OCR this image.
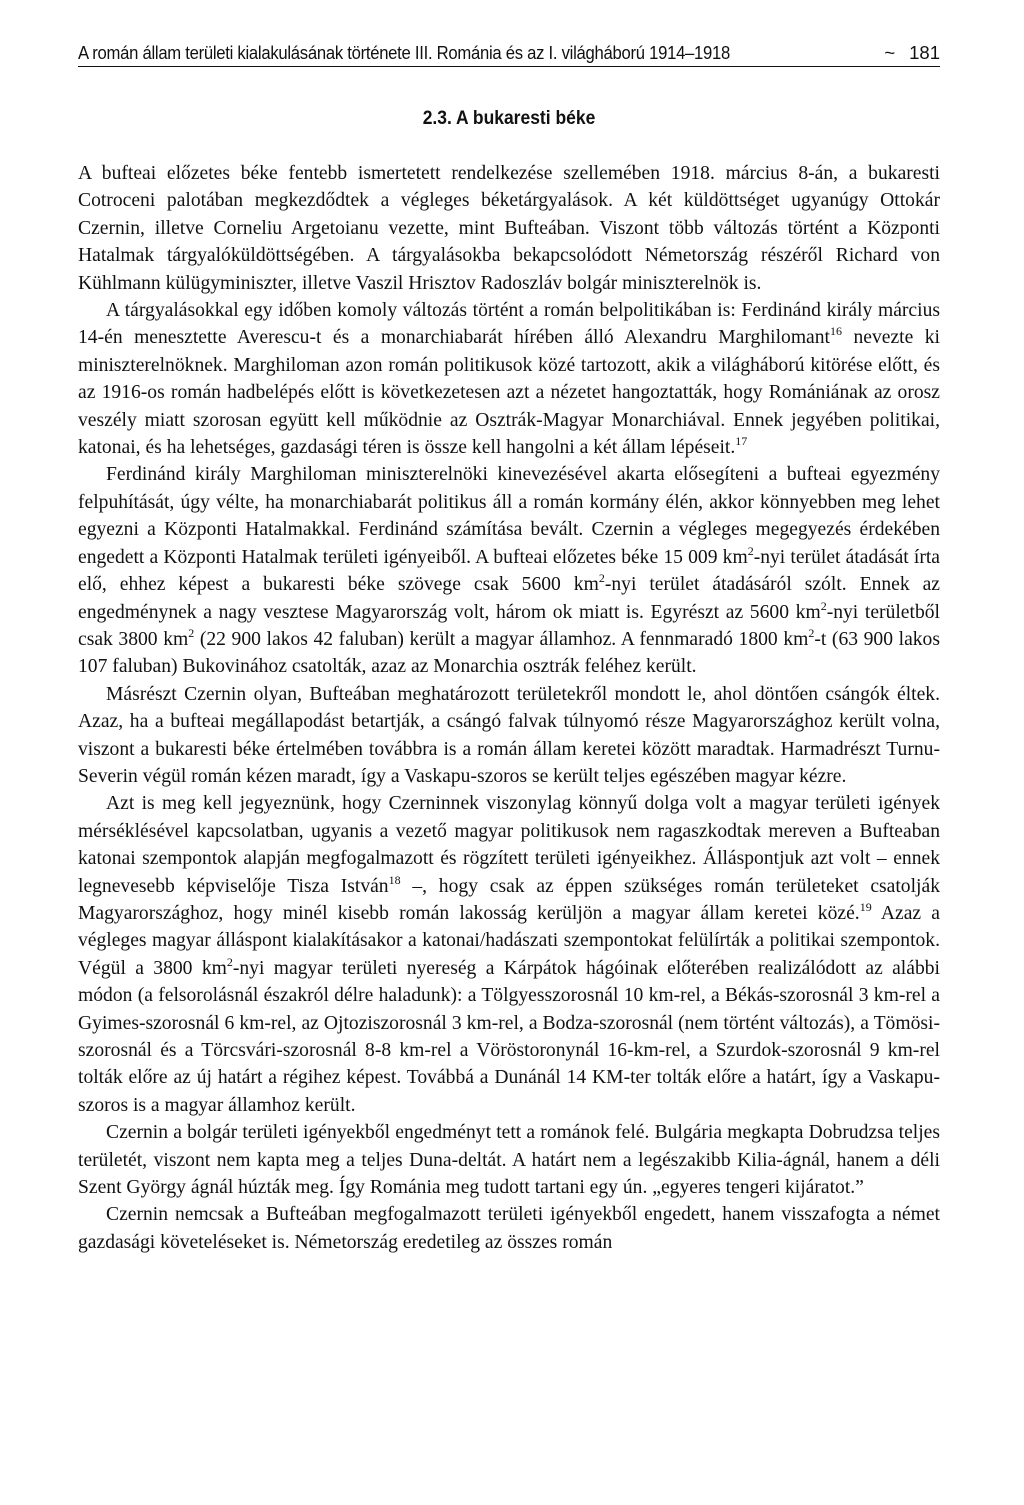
A román állam területi kialakulásának története III. Románia és az I. világháború 1914–1918	~ 181
2.3. A bukaresti béke

A bufteai előzetes béke fentebb ismertetett rendelkezése szellemében 1918. március 8-án, a bukaresti Cotroceni palotában megkezdődtek a végleges béketárgyalások. A két küldöttséget ugyanúgy Ottokár Czernin, illetve Corneliu Argetoianu vezette, mint Bufteában. Viszont több változás történt a Központi Hatalmak tárgyalóküldöttségében. A tárgyalásokba bekapcsolódott Németország részéről Richard von Kühlmann külügyminiszter, illetve Vaszil Hrisztov Radoszláv bolgár miniszterelnök is.

A tárgyalásokkal egy időben komoly változás történt a román belpolitikában is: Ferdinánd király március 14-én menesztette Averescu-t és a monarchiabarát hírében álló Alexandru Marghilomant$^{16}$ nevezte ki miniszterelnöknek. Marghiloman azon román politikusok közé tartozott, akik a világháború kitörése előtt, és az 1916-os román hadbelépés előtt is következetesen azt a nézetet hangoztatták, hogy Romániának az orosz veszély miatt szorosan együtt kell működnie az Osztrák-Magyar Monarchiával. Ennek jegyében politikai, katonai, és ha lehetséges, gazdasági téren is össze kell hangolni a két állam lépéseit.$^{17}$

Ferdinánd király Marghiloman miniszterelnöki kinevezésével akarta elősegíteni a bufteai egyezmény felpuhítását, úgy vélte, ha monarchiabarát politikus áll a román kormány élén, akkor könnyebben meg lehet egyezni a Központi Hatalmakkal. Ferdinánd számítása bevált. Czernin a végleges megegyezés érdekében engedett a Központi Hatalmak területi igényeiből. A bufteai előzetes béke 15 009 $km^2$-nyi terület átadását írta elő, ehhez képest a bukaresti béke szövege csak 5600 $km^2$-nyi terület átadásáról szólt. Ennek az engedménynek a nagy vesztese Magyarország volt, három ok miatt is. Egyrészt az 5600 $km^2$-nyi területből csak 3800 $km^2$ (22 900 lakos 42 faluban) került a magyar államhoz. A fennmaradó 1800 $km^2-t$ (63 900 lakos 107 faluban) Bukovinához csatolták, azaz az Monarchia osztrák feléhez került.

Másrészt Czernin olyan, Bufteában meghatározott területekről mondott le, ahol döntően csángók éltek. Azaz, ha a bufteai megállapodást betartják, a csángó falvak túlnyomó része Magyarországhoz került volna, viszont a bukaresti béke értelmében továbbra is a román állam keretei között maradtak. Harmadrészt Turnu-Severin végül román kézen maradt, így a Vaskapu-szoros se került teljes egészében magyar kézre.

Azt is meg kell jegyeznünk, hogy Czerninnek viszonylag könnyű dolga volt a magyar területi igények mérséklésével kapcsolatban, ugyanis a vezető magyar politikusok nem ragaszkodtak mereven a Bufteaban katonai szempontok alapján megfogalmazott és rögzített területi igényeikhez. Álláspontjuk azt volt – ennek legnevesebb képviselője Tisza István$^{18}$ –, hogy csak az éppen szükséges román területeket csatolják Magyarországhoz, hogy minél kisebb román lakosság kerüljön a magyar állam keretei közé.$^{19}$ Azaz a végleges magyar álláspont kialakításakor a katonai/hadászati szempontokat felülírták a politikai szempontok. Végül a 3800 $km^2$-nyi magyar területi nyereség a Kárpátok hágóinak előterében realizálódott az alábbi módon (a felsorolásnál északról délre haladunk): a Tölgyesszorosnál 10 km-rel, a Békás-szorosnál 3 km-rel a Gyimes-szorosnál 6 km-rel, az Ojtoziszorosnál 3 km-rel, a Bodza-szorosnál (nem történt változás), a Tömösi-szorosnál és a Törcsvári-szorosnál 8-8 km-rel a Vöröstoronynál 16-km-rel, a Szurdok-szorosnál 9 km-rel tolták előre az új határt a régihez képest. Továbbá a Dunánál 14 KM-ter tolták előre a határt, így a Vaskapu-szoros is a magyar államhoz került.

Czernin a bolgár területi igényekből engedményt tett a románok felé. Bulgária megkapta Dobrudzsa teljes területét, viszont nem kapta meg a teljes Duna-deltát. A határt nem a legészakibb Kilia-ágnál, hanem a déli Szent György ágnál húzták meg. Így Románia meg tudott tartani egy ún. „egyeres tengeri kijáratot.”

Czernin nemcsak a Bufteában megfogalmazott területi igényekből engedett, hanem visszafogta a német gazdasági követeléseket is. Németország eredetileg az összes román
